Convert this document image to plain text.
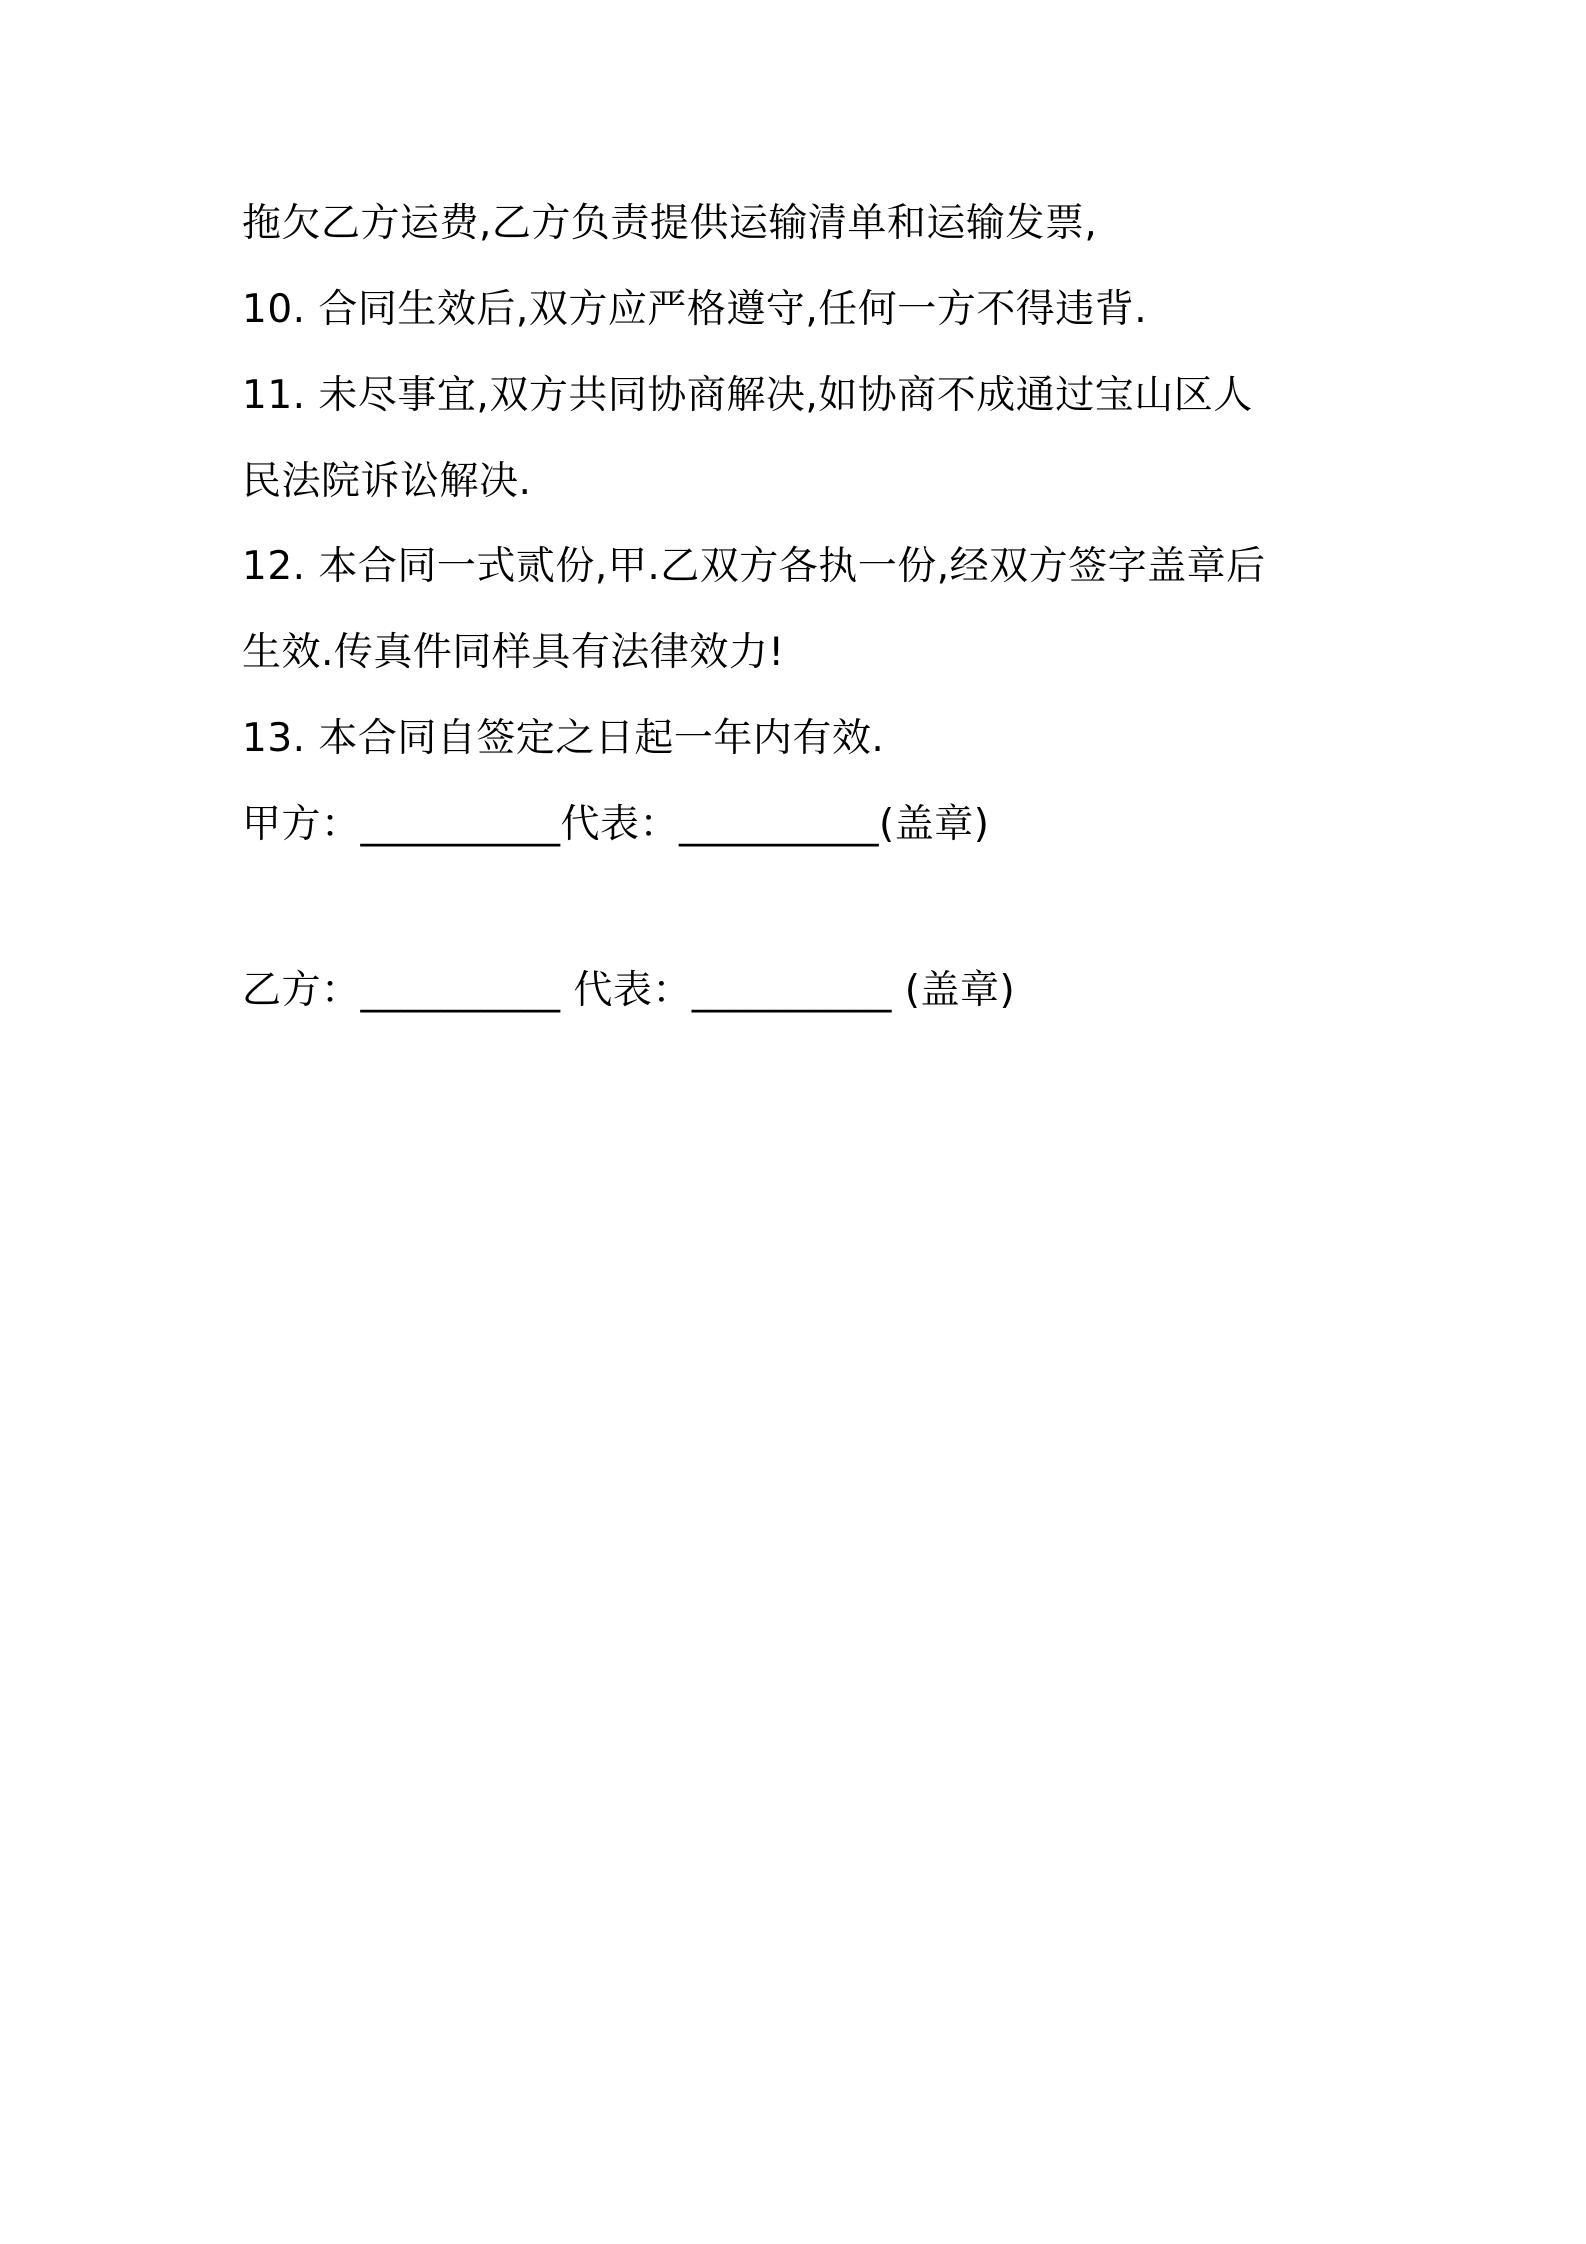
拖欠乙方运费,乙方负责提供运输清单和运输发票,
10. 合同生效后,双方应严格遵守,任何一方不得违背.
11. 未尽事宜,双方共同协商解决,如协商不成通过宝山区人
民法院诉讼解决.
12. 本合同一式贰份,甲.乙双方各执一份,经双方签字盖章后
生效.传真件同样具有法律效力!
13. 本合同自签定之日起一年内有效.
甲方：__________代表：__________(盖章)
乙方：__________ 代表：__________ (盖章)
